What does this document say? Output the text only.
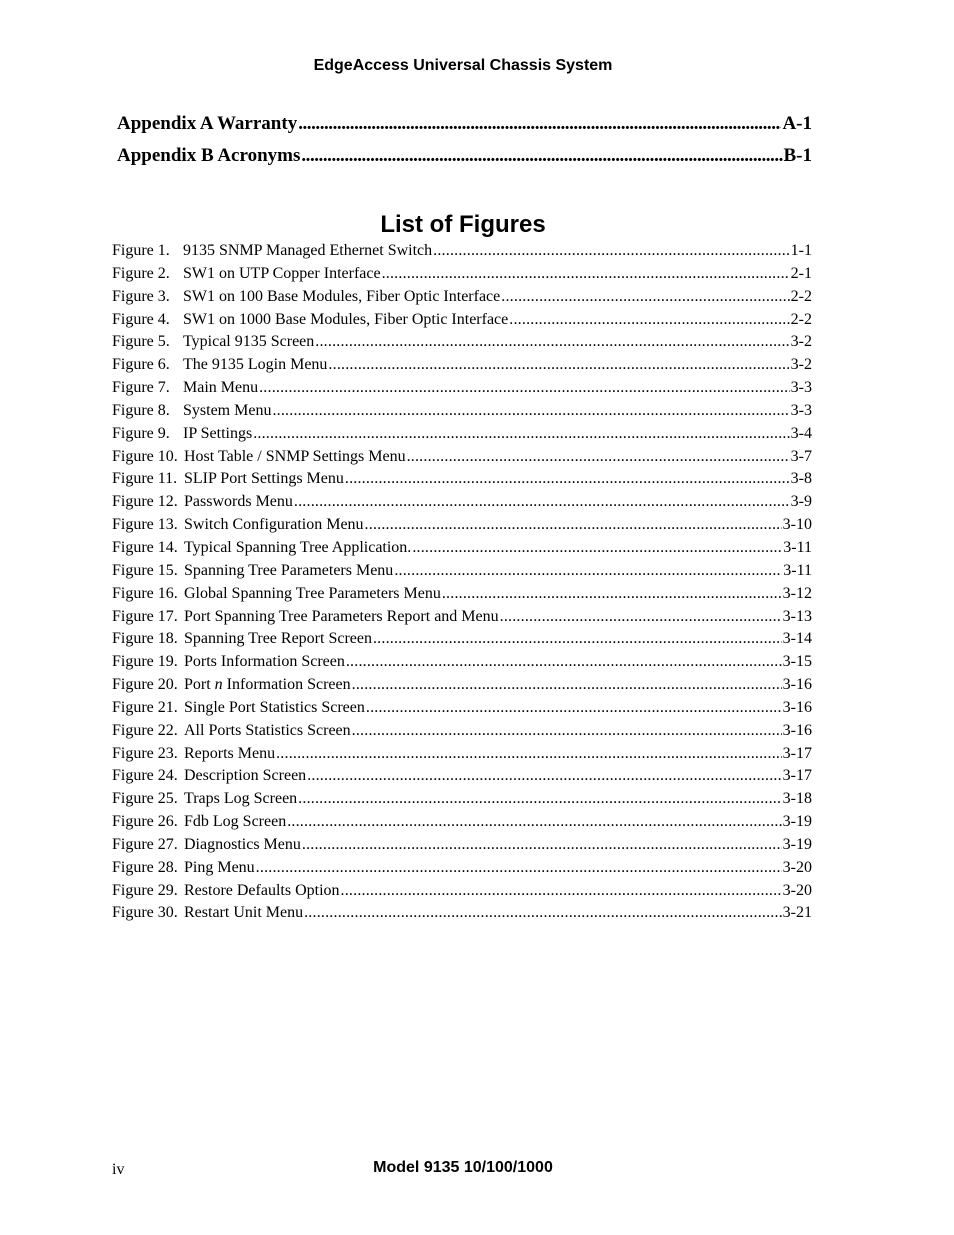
EdgeAccess Universal Chassis System
Appendix A Warranty . . .	A-1
Appendix B Acronyms . . .	B-1
List of Figures
Figure 1. 9135 SNMP Managed Ethernet Switch . . .	1-1
Figure 2. SW1 on UTP Copper Interface . . .	2-1
Figure 3. SW1 on 100 Base Modules, Fiber Optic Interface . . .	2-2
Figure 4. SW1 on 1000 Base Modules, Fiber Optic Interface . . .	2-2
Figure 5. Typical 9135 Screen . . .	3-2
Figure 6. The 9135 Login Menu . . .	3-2
Figure 7. Main Menu . . .	3-3
Figure 8. System Menu . . .	3-3
Figure 9. IP Settings . . .	3-4
Figure 10. Host Table / SNMP Settings Menu . . .	3-7
Figure 11. SLIP Port Settings Menu . . .	3-8
Figure 12. Passwords Menu . . .	3-9
Figure 13. Switch Configuration Menu . . .	3-10
Figure 14. Typical Spanning Tree Application. . . .	3-11
Figure 15. Spanning Tree Parameters Menu . . .	3-11
Figure 16. Global Spanning Tree Parameters Menu . . .	3-12
Figure 17. Port Spanning Tree Parameters Report and Menu . . .	3-13
Figure 18. Spanning Tree Report Screen . . .	3-14
Figure 19. Ports Information Screen . . .	3-15
Figure 20. Port n Information Screen . . .	3-16
Figure 21. Single Port Statistics Screen . . .	3-16
Figure 22. All Ports Statistics Screen . . .	3-16
Figure 23. Reports Menu . . .	3-17
Figure 24. Description Screen . . .	3-17
Figure 25. Traps Log Screen . . .	3-18
Figure 26. Fdb Log Screen . . .	3-19
Figure 27. Diagnostics Menu . . .	3-19
Figure 28. Ping Menu . . .	3-20
Figure 29. Restore Defaults Option . . .	3-20
Figure 30. Restart Unit Menu . . .	3-21
iv	Model 9135 10/100/1000
